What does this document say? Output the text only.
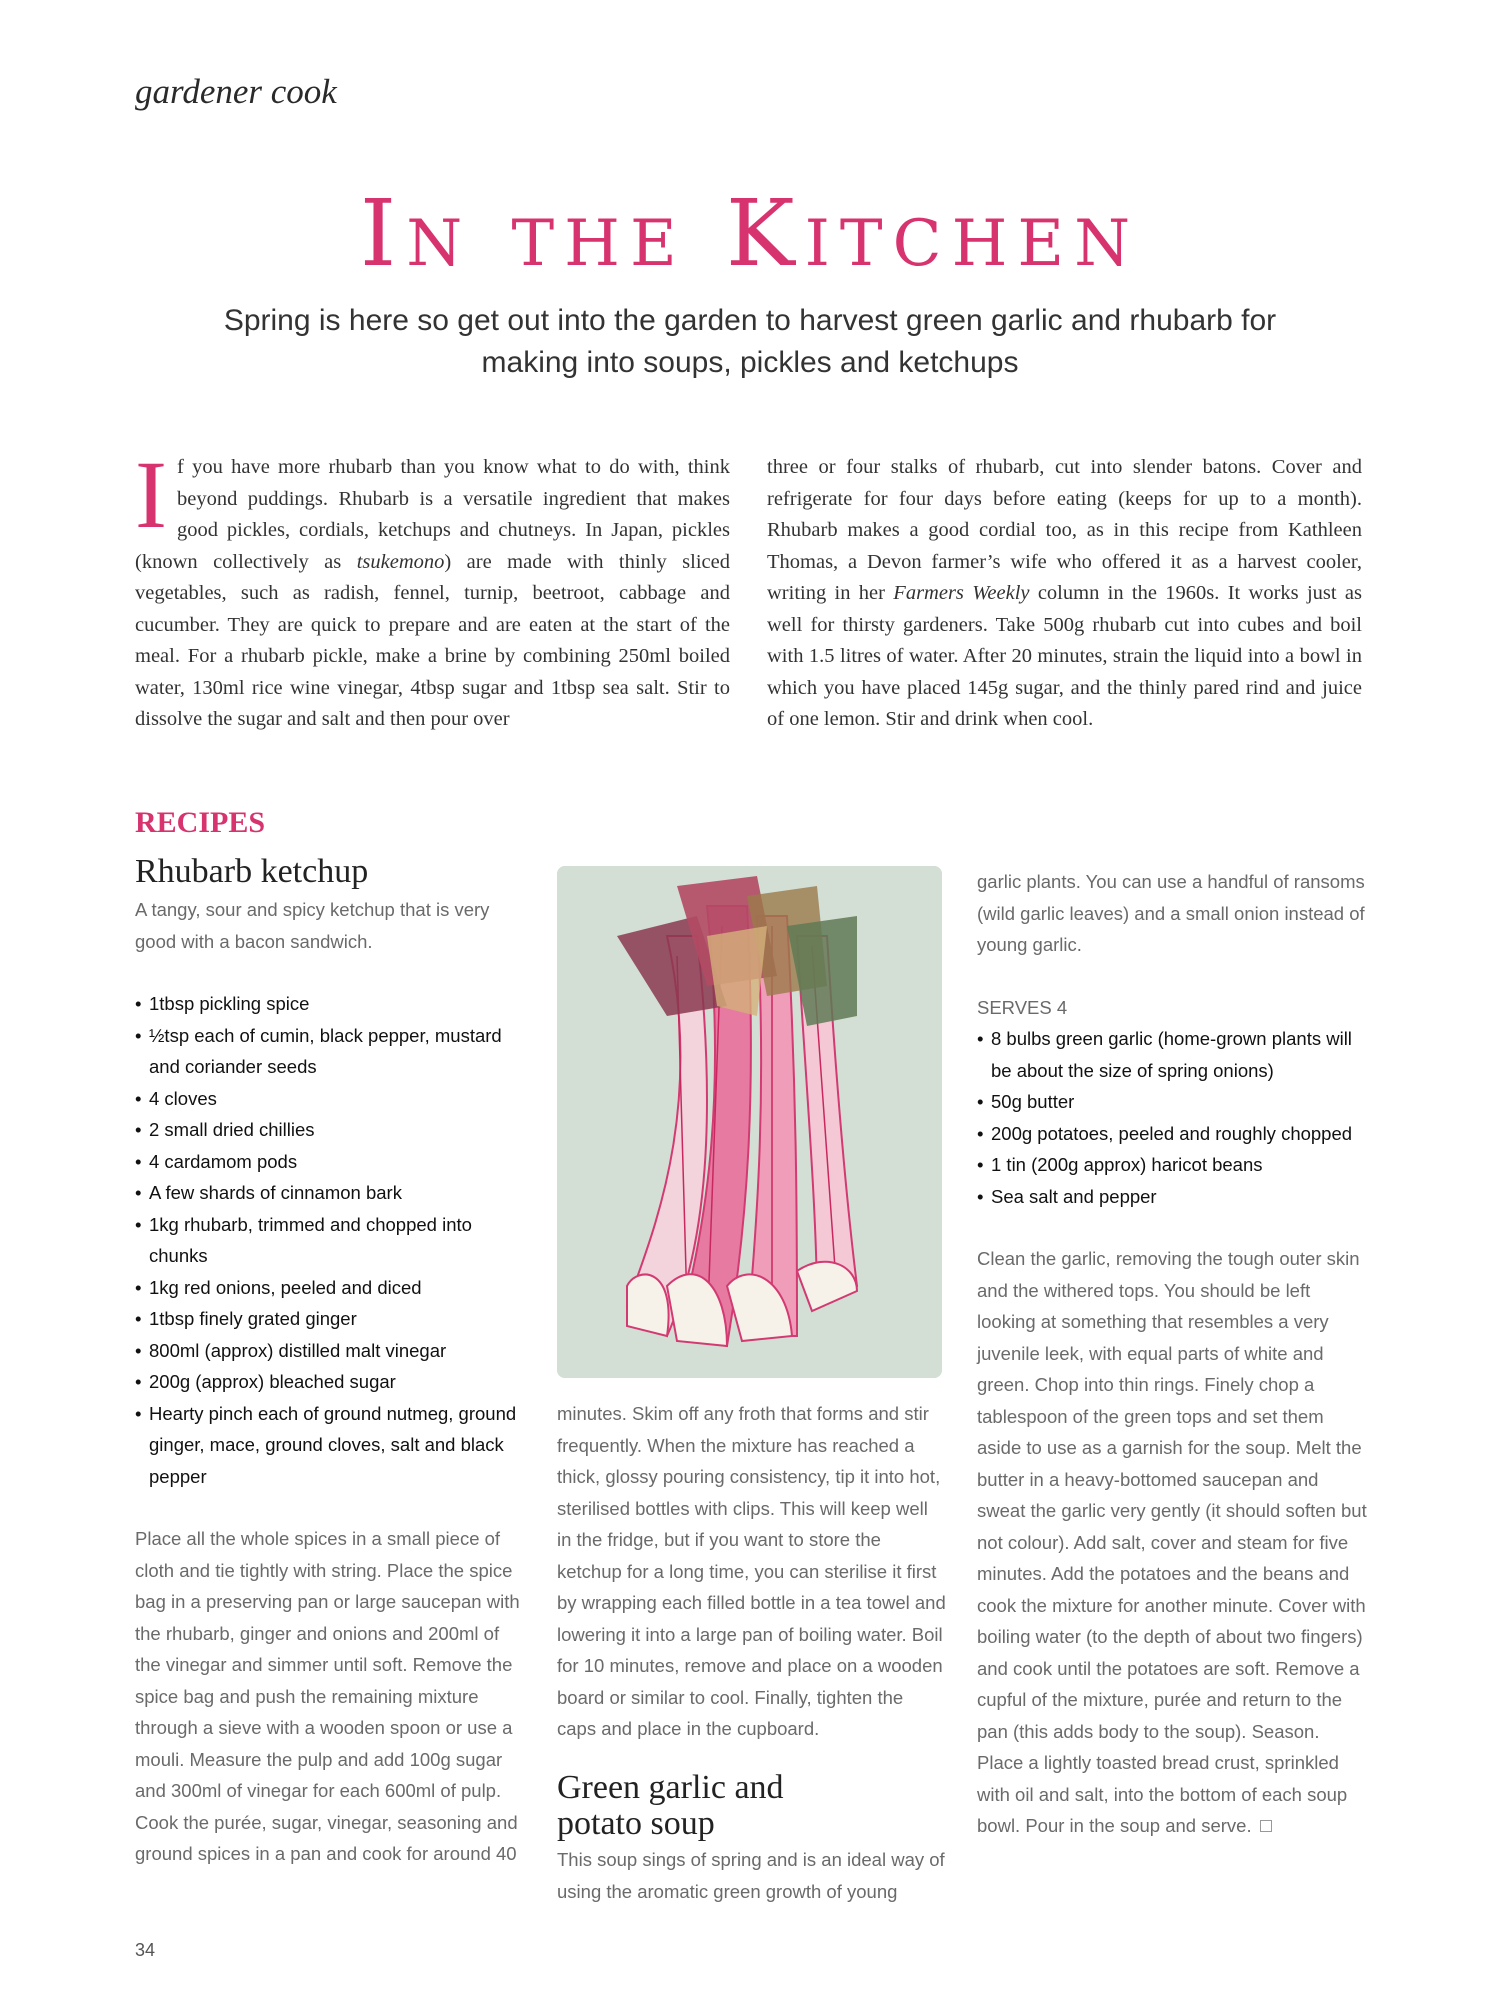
gardener cook
In the Kitchen
Spring is here so get out into the garden to harvest green garlic and rhubarb for making into soups, pickles and ketchups
If you have more rhubarb than you know what to do with, think beyond puddings. Rhubarb is a versatile ingredient that makes good pickles, cordials, ketchups and chutneys. In Japan, pickles (known collectively as tsukemono) are made with thinly sliced vegetables, such as radish, fennel, turnip, beetroot, cabbage and cucumber. They are quick to prepare and are eaten at the start of the meal. For a rhubarb pickle, make a brine by combining 250ml boiled water, 130ml rice wine vinegar, 4tbsp sugar and 1tbsp sea salt. Stir to dissolve the sugar and salt and then pour over
three or four stalks of rhubarb, cut into slender batons. Cover and refrigerate for four days before eating (keeps for up to a month). Rhubarb makes a good cordial too, as in this recipe from Kathleen Thomas, a Devon farmer’s wife who offered it as a harvest cooler, writing in her Farmers Weekly column in the 1960s. It works just as well for thirsty gardeners. Take 500g rhubarb cut into cubes and boil with 1.5 litres of water. After 20 minutes, strain the liquid into a bowl in which you have placed 145g sugar, and the thinly pared rind and juice of one lemon. Stir and drink when cool.
RECIPES
Rhubarb ketchup

A tangy, sour and spicy ketchup that is very good with a bacon sandwich.

• 1tbsp pickling spice
• ½tsp each of cumin, black pepper, mustard and coriander seeds
• 4 cloves
• 2 small dried chillies
• 4 cardamom pods
• A few shards of cinnamon bark
• 1kg rhubarb, trimmed and chopped into chunks
• 1kg red onions, peeled and diced
• 1tbsp finely grated ginger
• 800ml (approx) distilled malt vinegar
• 200g (approx) bleached sugar
• Hearty pinch each of ground nutmeg, ground ginger, mace, ground cloves, salt and black pepper

Place all the whole spices in a small piece of cloth and tie tightly with string. Place the spice bag in a preserving pan or large saucepan with the rhubarb, ginger and onions and 200ml of the vinegar and simmer until soft. Remove the spice bag and push the remaining mixture through a sieve with a wooden spoon or use a mouli. Measure the pulp and add 100g sugar and 300ml of vinegar for each 600ml of pulp. Cook the purée, sugar, vinegar, seasoning and ground spices in a pan and cook for around 40

minutes. Skim off any froth that forms and stir frequently. When the mixture has reached a thick, glossy pouring consistency, tip it into hot, sterilised bottles with clips. This will keep well in the fridge, but if you want to store the ketchup for a long time, you can sterilise it first by wrapping each filled bottle in a tea towel and lowering it into a large pan of boiling water. Boil for 10 minutes, remove and place on a wooden board or similar to cool. Finally, tighten the caps and place in the cupboard.

Green garlic and
potato soup

This soup sings of spring and is an ideal way of using the aromatic green growth of young

garlic plants. You can use a handful of ransoms (wild garlic leaves) and a small onion instead of young garlic.

SERVES 4

• 8 bulbs green garlic (home-grown plants will be about the size of spring onions)
• 50g butter
• 200g potatoes, peeled and roughly chopped
• 1 tin (200g approx) haricot beans
• Sea salt and pepper

Clean the garlic, removing the tough outer skin and the withered tops. You should be left looking at something that resembles a very juvenile leek, with equal parts of white and green. Chop into thin rings. Finely chop a tablespoon of the green tops and set them aside to use as a garnish for the soup. Melt the butter in a heavy-bottomed saucepan and sweat the garlic very gently (it should soften but not colour). Add salt, cover and steam for five minutes. Add the potatoes and the beans and cook the mixture for another minute. Cover with boiling water (to the depth of about two fingers) and cook until the potatoes are soft. Remove a cupful of the mixture, purée and return to the pan (this adds body to the soup). Season. Place a lightly toasted bread crust, sprinkled with oil and salt, into the bottom of each soup bowl. Pour in the soup and serve.

34
